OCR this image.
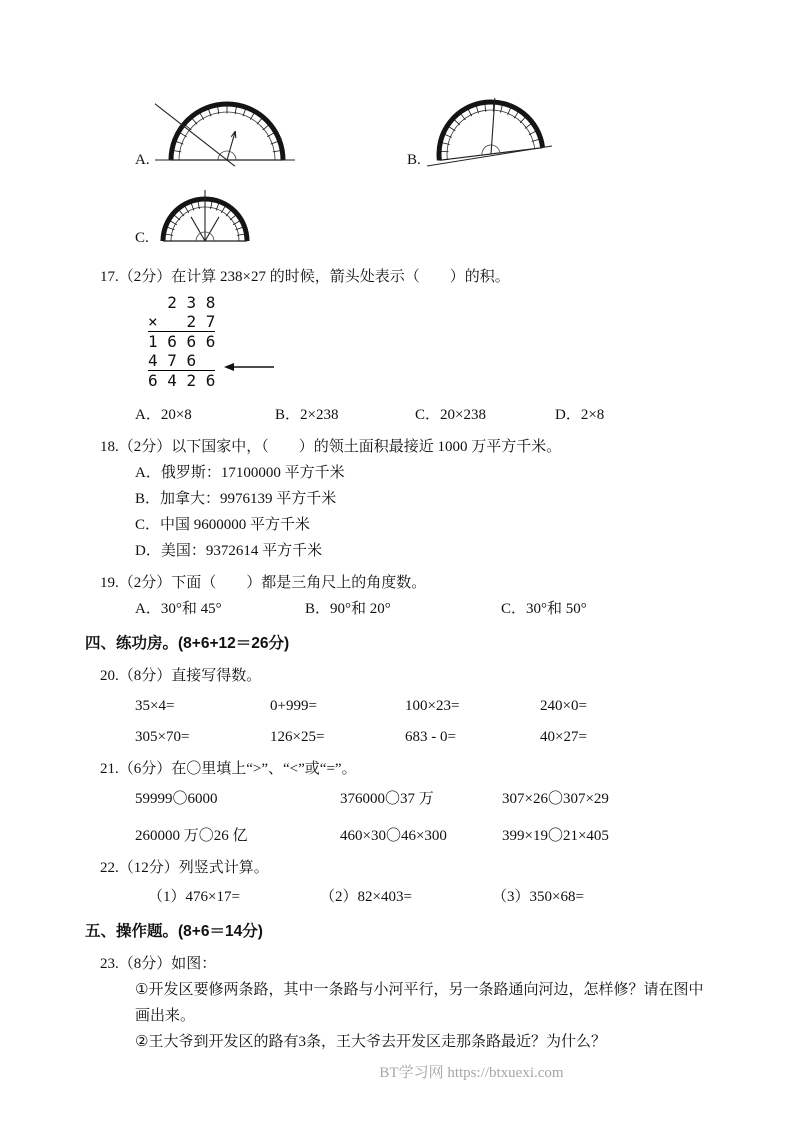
A.	B.
C.

17.（2分）在计算 238×27 的时候，箭头处表示（　　）的积。

2 3 8
×   2 7
1 6 6 6
4 7 6
6 4 2 6
A．20×8	B．2×238	C．20×238	D．2×8

18.（2分）以下国家中，（　　）的领土面积最接近 1000 万平方千米。

A．俄罗斯：17100000 平方千米

B．加拿大：9976139 平方千米

C．中国 9600000 平方千米

D．美国：9372614 平方千米

19.（2分）下面（　　）都是三角尺上的角度数。

A．30°和 45°	B．90°和 20°	C．30°和 50°

四、练功房。(8+6+12＝26分)

20.（8分）直接写得数。

35×4=	0+999=	100×23=	240×0=
305×70=	126×25=	683 - 0=	40×27=

21.（6分）在〇里填上“>”、“<”或“=”。

59999〇6000	376000〇37 万	307×26〇307×29
260000 万〇26 亿	460×30〇46×300	399×19〇21×405

22.（12分）列竖式计算。

（1）476×17=	（2）82×403=	（3）350×68=

五、操作题。(8+6＝14分)

23.（8分）如图：

①开发区要修两条路，其中一条路与小河平行，另一条路通向河边，怎样修？请在图中画出来。

②王大爷到开发区的路有3条，王大爷去开发区走那条路最近？为什么？

BT学习网 https://btxuexi.com
